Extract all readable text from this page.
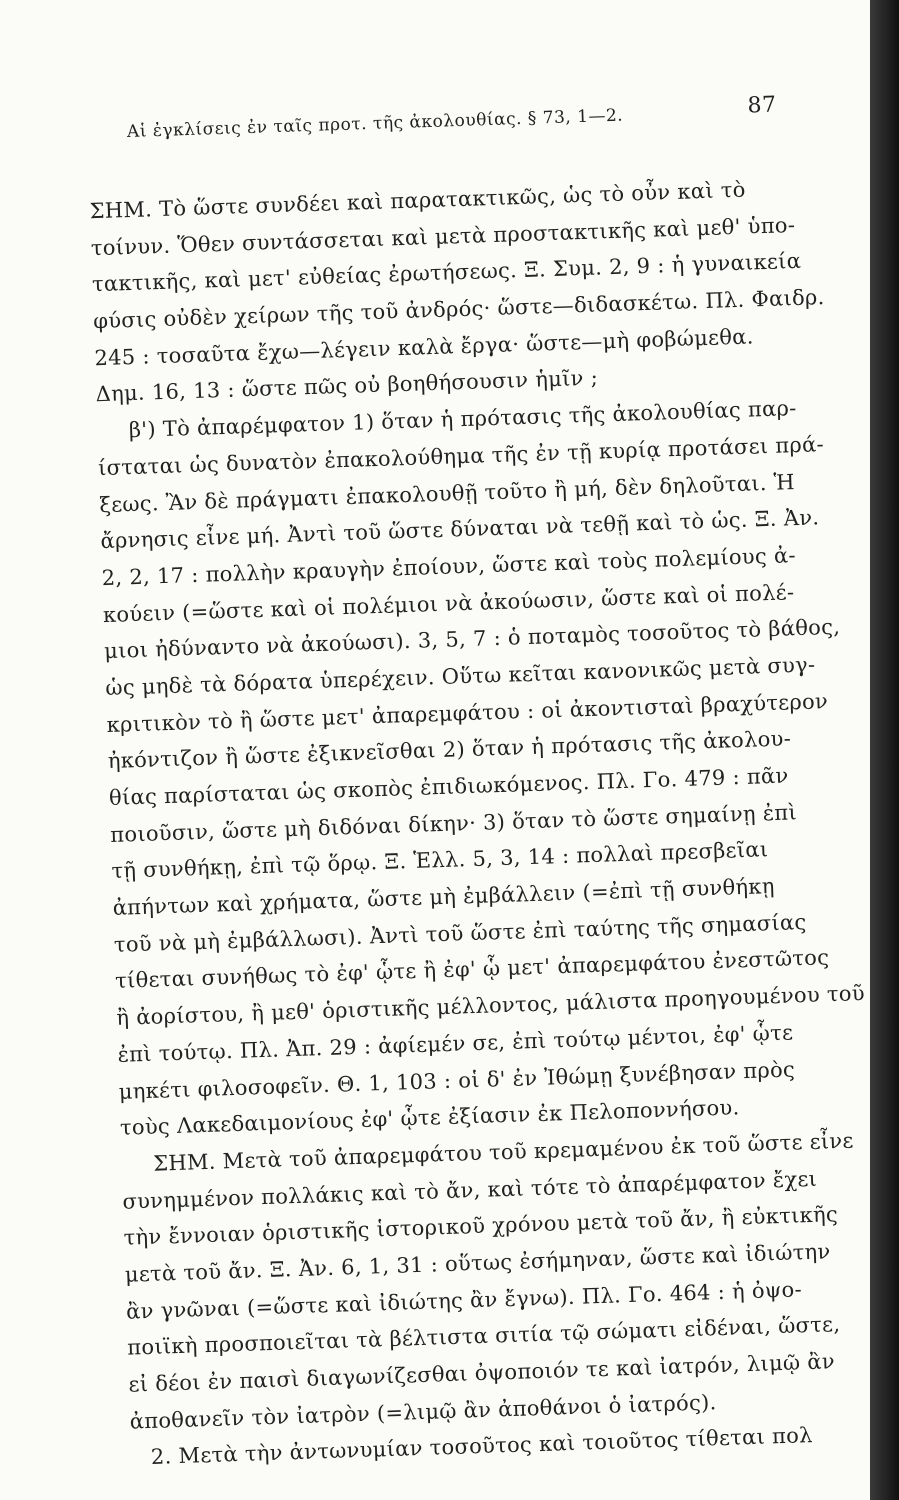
Αἱ ἐγκλίσεις ἐν ταῖς προτ. τῆς ἀκολουθίας. § 73, 1—2.
87
ΣΗΜ. Τὸ ὥστε συνδέει καὶ παρατακτικῶς, ὡς τὸ οὖν καὶ τὸ
τοίνυν. Ὅθεν συντάσσεται καὶ μετὰ προστακτικῆς καὶ μεθ' ὑπο-
τακτικῆς, καὶ μετ' εὐθείας ἐρωτήσεως. Ξ. Συμ. 2, 9 : ἡ γυναικεία
φύσις οὐδὲν χείρων τῆς τοῦ ἀνδρός· ὥστε—διδασκέτω. Πλ. Φαιδρ.
245 : τοσαῦτα ἔχω—λέγειν καλὰ ἔργα· ὥστε—μὴ φοβώμεθα.
Δημ. 16, 13 : ὥστε πῶς οὐ βοηθήσουσιν ἡμῖν ;
β') Τὸ ἀπαρέμφατον 1) ὅταν ἡ πρότασις τῆς ἀκολουθίας παρ-
ίσταται ὡς δυνατὸν ἐπακολούθημα τῆς ἐν τῇ κυρίᾳ προτάσει πρά-
ξεως. Ἂν δὲ πράγματι ἐπακολουθῇ τοῦτο ἢ μή, δὲν δηλοῦται. Ἡ
ἄρνησις εἶνε μή. Ἀντὶ τοῦ ὥστε δύναται νὰ τεθῇ καὶ τὸ ὡς. Ξ. Ἀν.
2, 2, 17 : πολλὴν κραυγὴν ἐποίουν, ὥστε καὶ τοὺς πολεμίους ἀ-
κούειν (=ὥστε καὶ οἱ πολέμιοι νὰ ἀκούωσιν, ὥστε καὶ οἱ πολέ-
μιοι ἠδύναντο νὰ ἀκούωσι). 3, 5, 7 : ὁ ποταμὸς τοσοῦτος τὸ βάθος,
ὡς μηδὲ τὰ δόρατα ὑπερέχειν. Οὕτω κεῖται κανονικῶς μετὰ συγ-
κριτικὸν τὸ ἢ ὥστε μετ' ἀπαρεμφάτου : οἱ ἀκοντισταὶ βραχύτερον
ἠκόντιζον ἢ ὥστε ἐξικνεῖσθαι 2) ὅταν ἡ πρότασις τῆς ἀκολου-
θίας παρίσταται ὡς σκοπὸς ἐπιδιωκόμενος. Πλ. Γο. 479 : πᾶν
ποιοῦσιν, ὥστε μὴ διδόναι δίκην· 3) ὅταν τὸ ὥστε σημαίνῃ ἐπὶ
τῇ συνθήκῃ, ἐπὶ τῷ ὅρῳ. Ξ. Ἑλλ. 5, 3, 14 : πολλαὶ πρεσβεῖαι
ἀπήντων καὶ χρήματα, ὥστε μὴ ἐμβάλλειν (=ἐπὶ τῇ συνθήκῃ
τοῦ νὰ μὴ ἐμβάλλωσι). Ἀντὶ τοῦ ὥστε ἐπὶ ταύτης τῆς σημασίας
τίθεται συνήθως τὸ ἐφ' ᾧτε ἢ ἐφ' ᾧ μετ' ἀπαρεμφάτου ἐνεστῶτος
ἢ ἀορίστου, ἢ μεθ' ὁριστικῆς μέλλοντος, μάλιστα προηγουμένου τοῦ
ἐπὶ τούτῳ. Πλ. Ἀπ. 29 : ἀφίεμέν σε, ἐπὶ τούτῳ μέντοι, ἐφ' ᾧτε
μηκέτι φιλοσοφεῖν. Θ. 1, 103 : οἱ δ' ἐν Ἰθώμῃ ξυνέβησαν πρὸς
τοὺς Λακεδαιμονίους ἐφ' ᾧτε ἐξίασιν ἐκ Πελοποννήσου.
ΣΗΜ. Μετὰ τοῦ ἀπαρεμφάτου τοῦ κρεμαμένου ἐκ τοῦ ὥστε εἶνε
συνημμένον πολλάκις καὶ τὸ ἄν, καὶ τότε τὸ ἀπαρέμφατον ἔχει
τὴν ἔννοιαν ὁριστικῆς ἱστορικοῦ χρόνου μετὰ τοῦ ἄν, ἢ εὐκτικῆς
μετὰ τοῦ ἄν. Ξ. Ἀν. 6, 1, 31 : οὕτως ἐσήμηναν, ὥστε καὶ ἰδιώτην
ἂν γνῶναι (=ὥστε καὶ ἰδιώτης ἂν ἔγνω). Πλ. Γο. 464 : ἡ ὀψο-
ποιϊκὴ προσποιεῖται τὰ βέλτιστα σιτία τῷ σώματι εἰδέναι, ὥστε,
εἰ δέοι ἐν παισὶ διαγωνίζεσθαι ὀψοποιόν τε καὶ ἰατρόν, λιμῷ ἂν
ἀποθανεῖν τὸν ἰατρὸν (=λιμῷ ἂν ἀποθάνοι ὁ ἰατρός).
2. Μετὰ τὴν ἀντωνυμίαν τοσοῦτος καὶ τοιοῦτος τίθεται πολ
